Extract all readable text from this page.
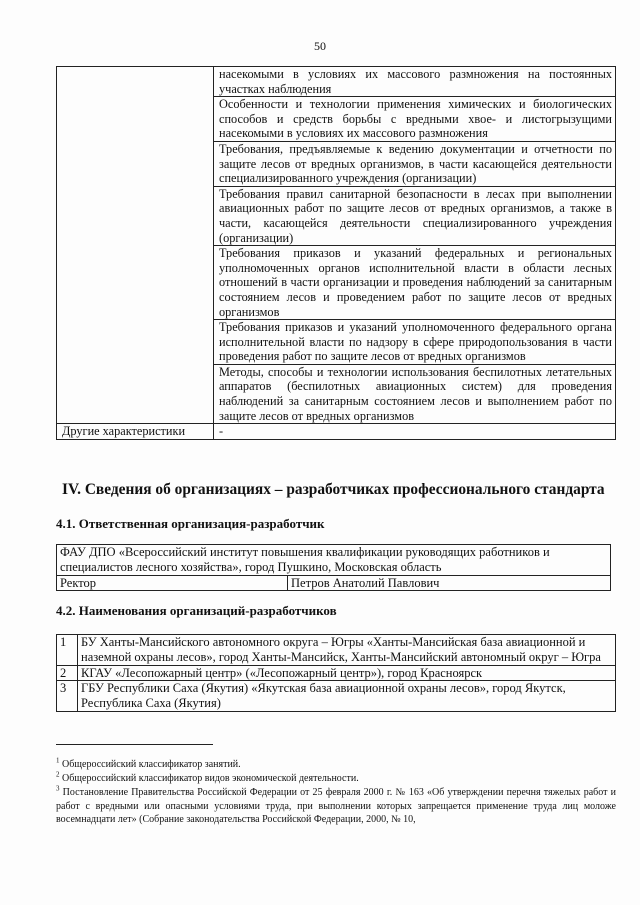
50
	насекомыми в условиях их массового размножения на постоянных участках наблюдения
	Особенности и технологии применения химических и биологических способов и средств борьбы с вредными хвое- и листогрызущими насекомыми в условиях их массового размножения
	Требования, предъявляемые к ведению документации и отчетности по защите лесов от вредных организмов, в части касающейся деятельности специализированного учреждения (организации)
	Требования правил санитарной безопасности в лесах при выполнении авиационных работ по защите лесов от вредных организмов, а также в части, касающейся деятельности специализированного учреждения (организации)
	Требования приказов и указаний федеральных и региональных уполномоченных органов исполнительной власти в области лесных отношений в части организации и проведения наблюдений за санитарным состоянием лесов и проведением работ по защите лесов от вредных организмов
	Требования приказов и указаний уполномоченного федерального органа исполнительной власти по надзору в сфере природопользования в части проведения работ по защите лесов от вредных организмов
	Методы, способы и технологии использования беспилотных летательных аппаратов (беспилотных авиационных систем) для проведения наблюдений за санитарным состоянием лесов и выполнением работ по защите лесов от вредных организмов
Другие характеристики	-
IV. Сведения об организациях – разработчиках профессионального стандарта
4.1. Ответственная организация-разработчик
ФАУ ДПО «Всероссийский институт повышения квалификации руководящих работников и специалистов лесного хозяйства», город Пушкино, Московская область
Ректор	Петров Анатолий Павлович
4.2. Наименования организаций-разработчиков
1	БУ Ханты-Мансийского автономного округа – Югры «Ханты-Мансийская база авиационной и наземной охраны лесов», город Ханты-Мансийск, Ханты-Мансийский автономный округ – Югра
2	КГАУ «Лесопожарный центр» («Лесопожарный центр»), город Красноярск
3	ГБУ Республики Саха (Якутия) «Якутская база авиационной охраны лесов», город Якутск, Республика Саха (Якутия)
$^1$ Общероссийский классификатор занятий.
$^2$ Общероссийский классификатор видов экономической деятельности.
$^3$ Постановление Правительства Российской Федерации от 25 февраля 2000 г. № 163 «Об утверждении перечня тяжелых работ и работ с вредными или опасными условиями труда, при выполнении которых запрещается применение труда лиц моложе восемнадцати лет» (Собрание законодательства Российской Федерации, 2000, № 10,
